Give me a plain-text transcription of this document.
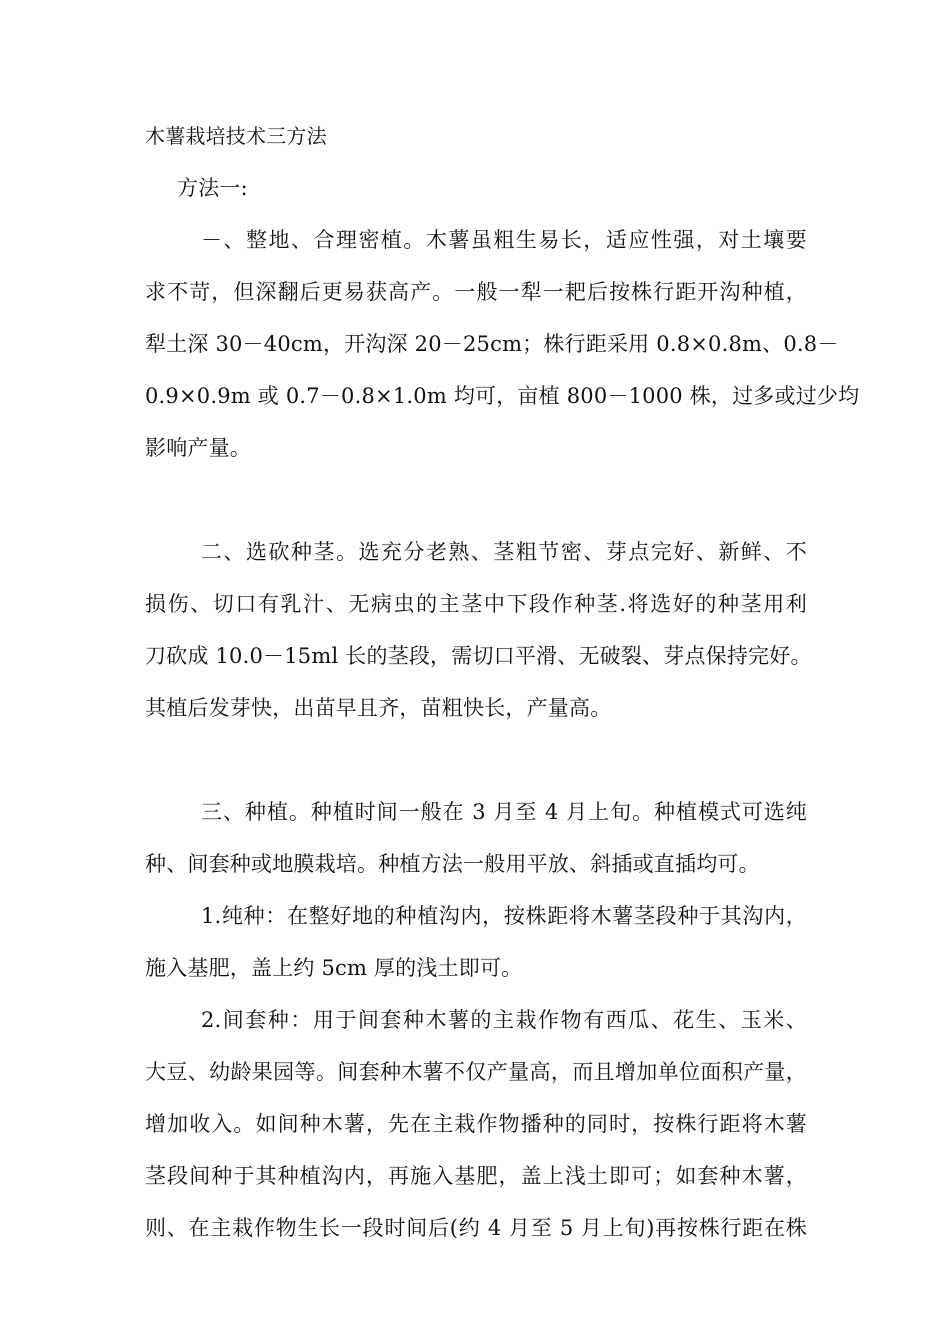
木薯栽培技术三方法
方法一:
－、整地、合理密植。木薯虽粗生易长，适应性强，对土壤要
求不苛，但深翻后更易获高产。一般一犁一耙后按株行距开沟种植，
犁土深 30－40cm，开沟深 20－25cm；株行距采用 0.8×0.8m、0.8－
0.9×0.9m 或 0.7－0.8×1.0m 均可，亩植 800－1000 株，过多或过少均
影响产量。
二、选砍种茎。选充分老熟、茎粗节密、芽点完好、新鲜、不
损伤、切口有乳汁、无病虫的主茎中下段作种茎.将选好的种茎用利
刀砍成 10.0－15ml 长的茎段，需切口平滑、无破裂、芽点保持完好。
其植后发芽快，出苗早且齐，苗粗快长，产量高。
三、种植。种植时间一般在 3 月至 4 月上旬。种植模式可选纯
种、间套种或地膜栽培。种植方法一般用平放、斜插或直插均可。
1.纯种：在整好地的种植沟内，按株距将木薯茎段种于其沟内，
施入基肥，盖上约 5cm 厚的浅土即可。
2.间套种：用于间套种木薯的主栽作物有西瓜、花生、玉米、
大豆、幼龄果园等。间套种木薯不仅产量高，而且增加单位面积产量，
增加收入。如间种木薯，先在主栽作物播种的同时，按株行距将木薯
茎段间种于其种植沟内，再施入基肥，盖上浅土即可；如套种木薯，
则、在主栽作物生长一段时间后(约 4 月至 5 月上旬)再按株行距在株
